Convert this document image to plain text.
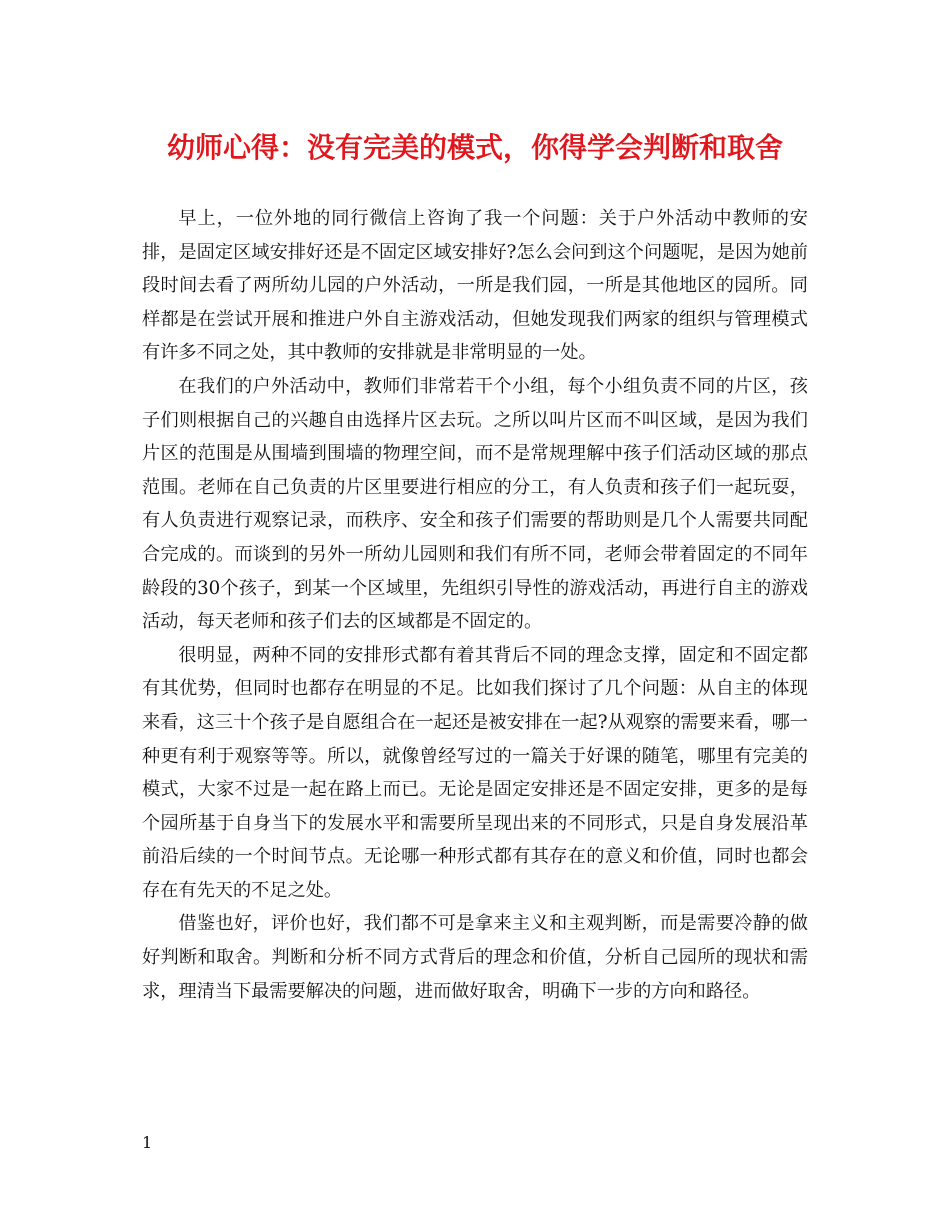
幼师心得：没有完美的模式，你得学会判断和取舍

早上，一位外地的同行微信上咨询了我一个问题：关于户外活动中教师的安排，是固定区域安排好还是不固定区域安排好?怎么会问到这个问题呢，是因为她前段时间去看了两所幼儿园的户外活动，一所是我们园，一所是其他地区的园所。同样都是在尝试开展和推进户外自主游戏活动，但她发现我们两家的组织与管理模式有许多不同之处，其中教师的安排就是非常明显的一处。

在我们的户外活动中，教师们非常若干个小组，每个小组负责不同的片区，孩子们则根据自己的兴趣自由选择片区去玩。之所以叫片区而不叫区域，是因为我们片区的范围是从围墙到围墙的物理空间，而不是常规理解中孩子们活动区域的那点范围。老师在自己负责的片区里要进行相应的分工，有人负责和孩子们一起玩耍，有人负责进行观察记录，而秩序、安全和孩子们需要的帮助则是几个人需要共同配合完成的。而谈到的另外一所幼儿园则和我们有所不同，老师会带着固定的不同年龄段的30个孩子，到某一个区域里，先组织引导性的游戏活动，再进行自主的游戏活动，每天老师和孩子们去的区域都是不固定的。

很明显，两种不同的安排形式都有着其背后不同的理念支撑，固定和不固定都有其优势，但同时也都存在明显的不足。比如我们探讨了几个问题：从自主的体现来看，这三十个孩子是自愿组合在一起还是被安排在一起?从观察的需要来看，哪一种更有利于观察等等。所以，就像曾经写过的一篇关于好课的随笔，哪里有完美的模式，大家不过是一起在路上而已。无论是固定安排还是不固定安排，更多的是每个园所基于自身当下的发展水平和需要所呈现出来的不同形式，只是自身发展沿革前沿后续的一个时间节点。无论哪一种形式都有其存在的意义和价值，同时也都会存在有先天的不足之处。

借鉴也好，评价也好，我们都不可是拿来主义和主观判断，而是需要冷静的做好判断和取舍。判断和分析不同方式背后的理念和价值，分析自己园所的现状和需求，理清当下最需要解决的问题，进而做好取舍，明确下一步的方向和路径。

1
